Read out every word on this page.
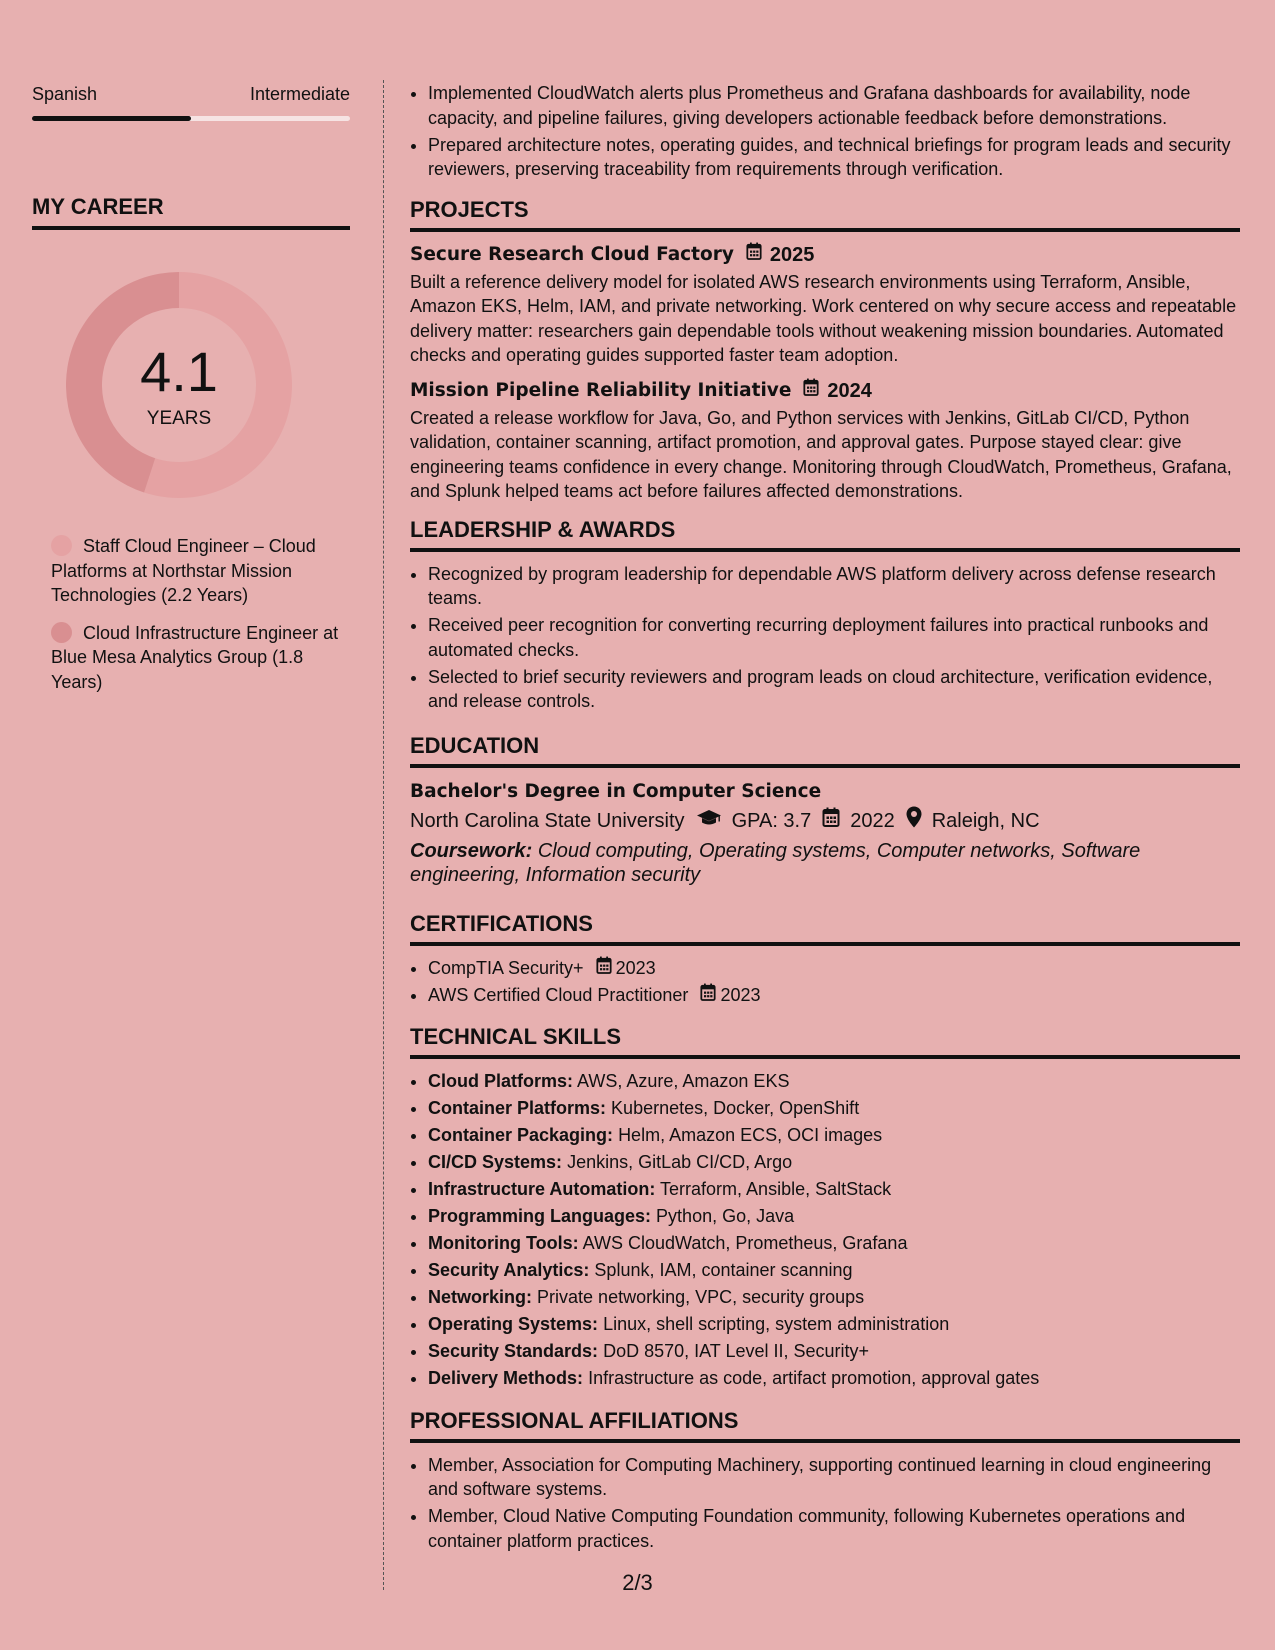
Spanish	Intermediate
MY CAREER
4.1
YEARS
Staff Cloud Engineer – Cloud Platforms at Northstar Mission Technologies (2.2 Years)
Cloud Infrastructure Engineer at Blue Mesa Analytics Group (1.8 Years)
• Implemented CloudWatch alerts plus Prometheus and Grafana dashboards for availability, node capacity, and pipeline failures, giving developers actionable feedback before demonstrations.
• Prepared architecture notes, operating guides, and technical briefings for program leads and security reviewers, preserving traceability from requirements through verification.
PROJECTS
Secure Research Cloud Factory 2025
Built a reference delivery model for isolated AWS research environments using Terraform, Ansible, Amazon EKS, Helm, IAM, and private networking. Work centered on why secure access and repeatable delivery matter: researchers gain dependable tools without weakening mission boundaries. Automated checks and operating guides supported faster team adoption.
Mission Pipeline Reliability Initiative 2024
Created a release workflow for Java, Go, and Python services with Jenkins, GitLab CI/CD, Python validation, container scanning, artifact promotion, and approval gates. Purpose stayed clear: give engineering teams confidence in every change. Monitoring through CloudWatch, Prometheus, Grafana, and Splunk helped teams act before failures affected demonstrations.
LEADERSHIP & AWARDS
• Recognized by program leadership for dependable AWS platform delivery across defense research teams.
• Received peer recognition for converting recurring deployment failures into practical runbooks and automated checks.
• Selected to brief security reviewers and program leads on cloud architecture, verification evidence, and release controls.
EDUCATION
Bachelor's Degree in Computer Science
North Carolina State University GPA: 3.7 2022 Raleigh, NC
Coursework: Cloud computing, Operating systems, Computer networks, Software engineering, Information security
CERTIFICATIONS
• CompTIA Security+ 2023
• AWS Certified Cloud Practitioner 2023
TECHNICAL SKILLS
• Cloud Platforms: AWS, Azure, Amazon EKS
• Container Platforms: Kubernetes, Docker, OpenShift
• Container Packaging: Helm, Amazon ECS, OCI images
• CI/CD Systems: Jenkins, GitLab CI/CD, Argo
• Infrastructure Automation: Terraform, Ansible, SaltStack
• Programming Languages: Python, Go, Java
• Monitoring Tools: AWS CloudWatch, Prometheus, Grafana
• Security Analytics: Splunk, IAM, container scanning
• Networking: Private networking, VPC, security groups
• Operating Systems: Linux, shell scripting, system administration
• Security Standards: DoD 8570, IAT Level II, Security+
• Delivery Methods: Infrastructure as code, artifact promotion, approval gates
PROFESSIONAL AFFILIATIONS
• Member, Association for Computing Machinery, supporting continued learning in cloud engineering and software systems.
• Member, Cloud Native Computing Foundation community, following Kubernetes operations and container platform practices.
2/3
